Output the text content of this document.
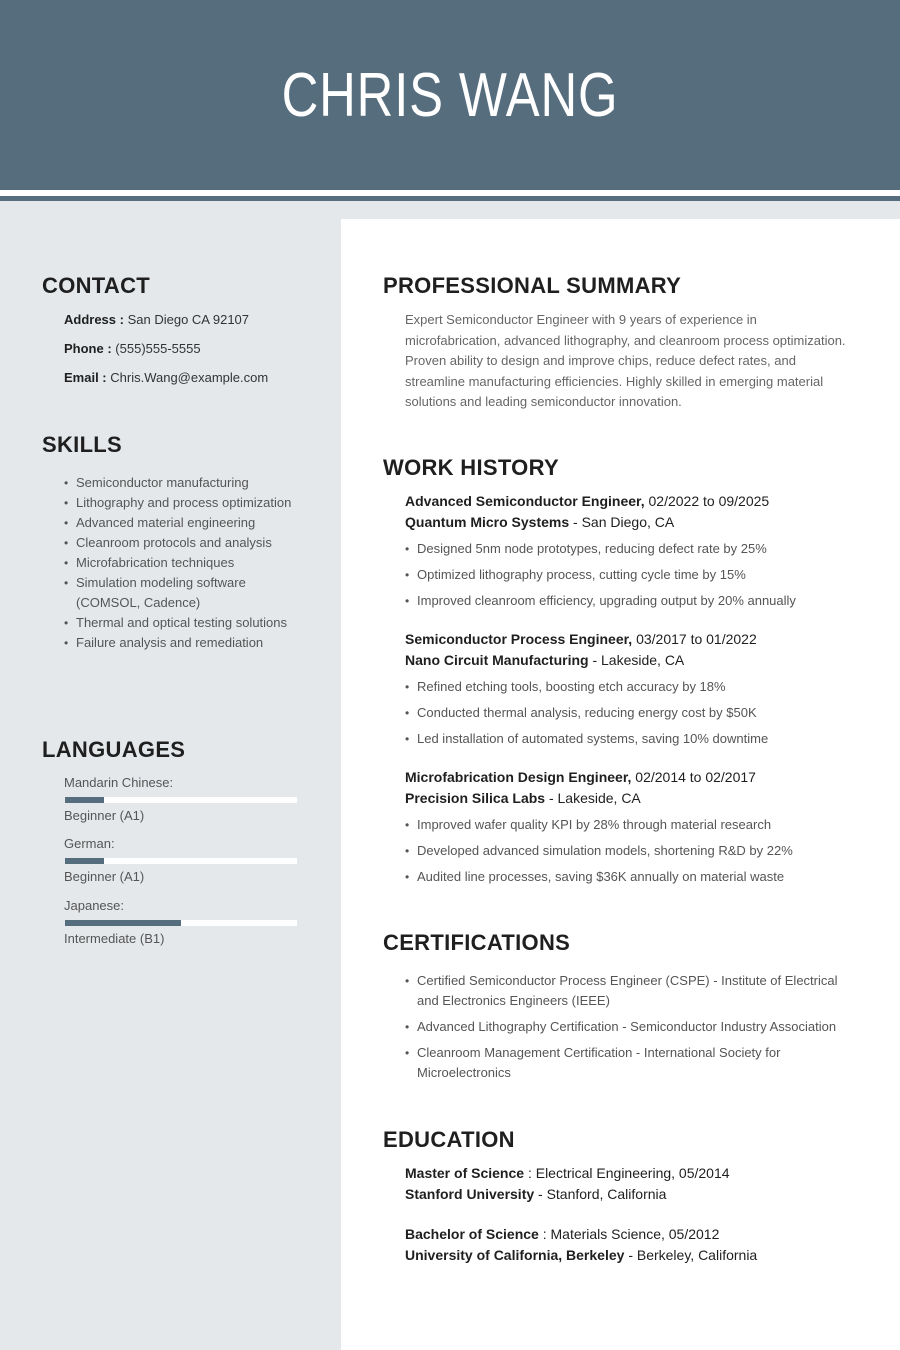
CHRIS WANG
CONTACT
Address : San Diego CA 92107
Phone : (555)555-5555
Email : Chris.Wang@example.com
SKILLS
• Semiconductor manufacturing
• Lithography and process optimization
• Advanced material engineering
• Cleanroom protocols and analysis
• Microfabrication techniques
• Simulation modeling software (COMSOL, Cadence)
• Thermal and optical testing solutions
• Failure analysis and remediation
LANGUAGES
Mandarin Chinese:
Beginner (A1)
German:
Beginner (A1)
Japanese:
Intermediate (B1)
PROFESSIONAL SUMMARY
Expert Semiconductor Engineer with 9 years of experience in microfabrication, advanced lithography, and cleanroom process optimization. Proven ability to design and improve chips, reduce defect rates, and streamline manufacturing efficiencies. Highly skilled in emerging material solutions and leading semiconductor innovation.
WORK HISTORY
Advanced Semiconductor Engineer, 02/2022 to 09/2025
Quantum Micro Systems - San Diego, CA
• Designed 5nm node prototypes, reducing defect rate by 25%
• Optimized lithography process, cutting cycle time by 15%
• Improved cleanroom efficiency, upgrading output by 20% annually
Semiconductor Process Engineer, 03/2017 to 01/2022
Nano Circuit Manufacturing - Lakeside, CA
• Refined etching tools, boosting etch accuracy by 18%
• Conducted thermal analysis, reducing energy cost by $50K
• Led installation of automated systems, saving 10% downtime
Microfabrication Design Engineer, 02/2014 to 02/2017
Precision Silica Labs - Lakeside, CA
• Improved wafer quality KPI by 28% through material research
• Developed advanced simulation models, shortening R&D by 22%
• Audited line processes, saving $36K annually on material waste
CERTIFICATIONS
• Certified Semiconductor Process Engineer (CSPE) - Institute of Electrical and Electronics Engineers (IEEE)
• Advanced Lithography Certification - Semiconductor Industry Association
• Cleanroom Management Certification - International Society for Microelectronics
EDUCATION
Master of Science : Electrical Engineering, 05/2014
Stanford University - Stanford, California
Bachelor of Science : Materials Science, 05/2012
University of California, Berkeley - Berkeley, California
